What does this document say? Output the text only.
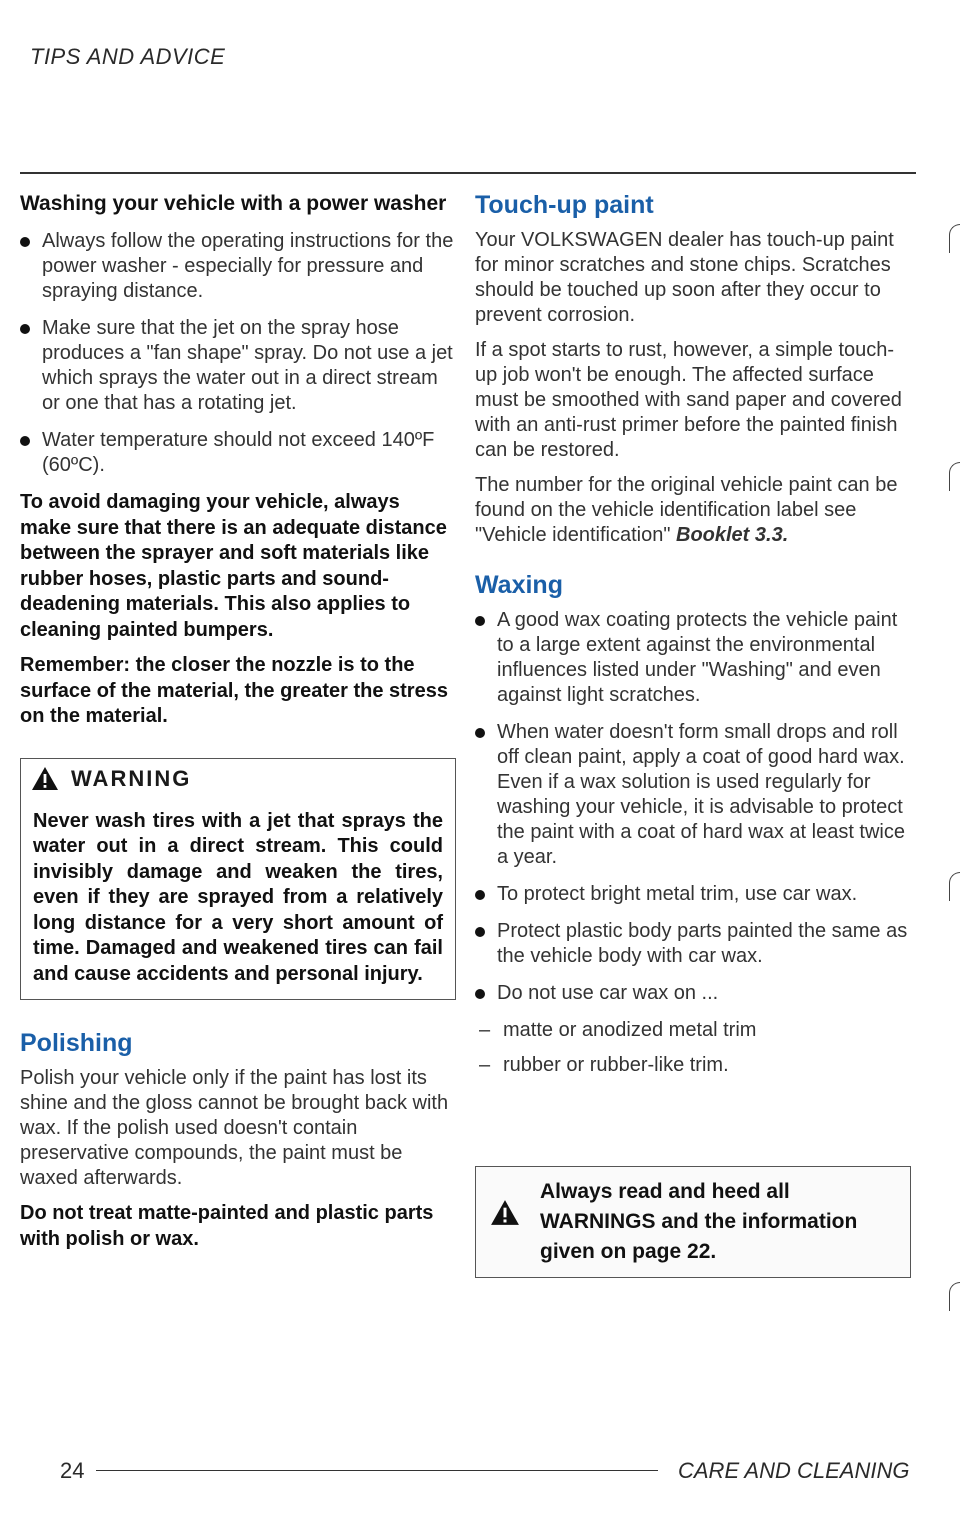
TIPS AND ADVICE
Washing your vehicle with a power washer
Always follow the operating instructions for the power washer - especially for pressure and spraying distance.
Make sure that the jet on the spray hose produces a "fan shape" spray. Do not use a jet which sprays the water out in a direct stream or one that has a rotating jet.
Water temperature should not exceed 140ºF (60ºC).
To avoid damaging your vehicle, always make sure that there is an adequate distance between the sprayer and soft materials like rubber hoses, plastic parts and sound-deadening materials. This also applies to cleaning painted bumpers.
Remember: the closer the nozzle is to the surface of the material, the greater the stress on the material.
WARNING
Never wash tires with a jet that sprays the water out in a direct stream. This could invisibly damage and weaken the tires, even if they are sprayed from a relatively long distance for a very short amount of time. Damaged and weakened tires can fail and cause accidents and personal injury.
Polishing
Polish your vehicle only if the paint has lost its shine and the gloss cannot be brought back with wax. If the polish used doesn't contain preservative compounds, the paint must be waxed afterwards.
Do not treat matte-painted and plastic parts with polish or wax.
Touch-up paint
Your VOLKSWAGEN dealer has touch-up paint for minor scratches and stone chips. Scratches should be touched up soon after they occur to prevent corrosion.
If a spot starts to rust, however, a simple touch-up job won't be enough. The affected surface must be smoothed with sand paper and covered with an anti-rust primer before the painted finish can be restored.
The number for the original vehicle paint can be found on the vehicle identification label see "Vehicle identification" Booklet 3.3.
Waxing
A good wax coating protects the vehicle paint to a large extent against the environmental influences listed under "Washing" and even against light scratches.
When water doesn't form small drops and roll off clean paint, apply a coat of good hard wax. Even if a wax solution is used regularly for washing your vehicle, it is advisable to protect the paint with a coat of hard wax at least twice a year.
To protect bright metal trim, use car wax.
Protect plastic body parts painted the same as the vehicle body with car wax.
Do not use car wax on ...
– matte or anodized metal trim
– rubber or rubber-like trim.
Always read and heed all WARNINGS and the information given on page 22.
24	CARE AND CLEANING
